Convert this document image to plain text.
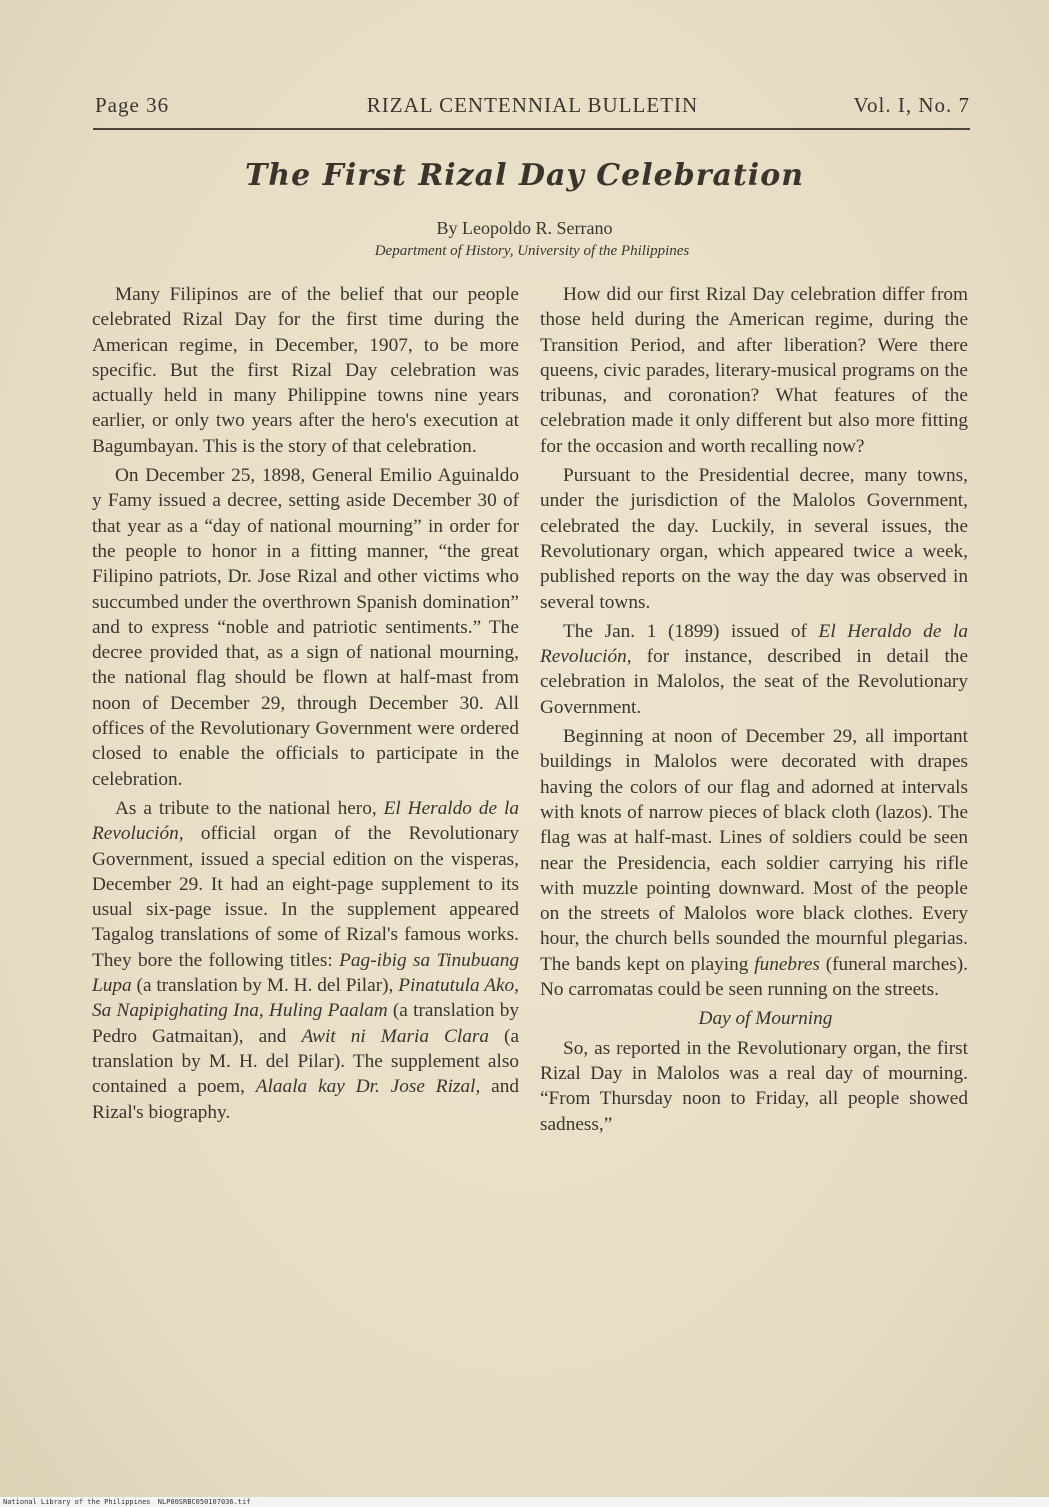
Page 36	RIZAL CENTENNIAL BULLETIN	Vol. I, No. 7
The First Rizal Day Celebration
By Leopoldo R. Serrano
Department of History, University of the Philippines

Many Filipinos are of the belief that our people celebrated Rizal Day for the first time during the American regime, in December, 1907, to be more specific. But the first Rizal Day celebration was actually held in many Philippine towns nine years earlier, or only two years after the hero's execution at Bagumbayan. This is the story of that celebration.

On December 25, 1898, General Emilio Aguinaldo y Famy issued a decree, setting aside December 30 of that year as a “day of national mourning” in order for the people to honor in a fitting manner, “the great Filipino patriots, Dr. Jose Rizal and other victims who succumbed under the overthrown Spanish domination” and to express “noble and patriotic sentiments.” The decree provided that, as a sign of national mourning, the national flag should be flown at half-mast from noon of December 29, through December 30. All offices of the Revolutionary Government were ordered closed to enable the officials to participate in the celebration.

As a tribute to the national hero, El Heraldo de la Revolución, official organ of the Revolutionary Government, issued a special edition on the visperas, December 29. It had an eight-page supplement to its usual six-page issue. In the supplement appeared Tagalog translations of some of Rizal's famous works. They bore the following titles: Pag-ibig sa Tinubuang Lupa (a translation by M. H. del Pilar), Pinatutula Ako, Sa Napipighating Ina, Huling Paalam (a translation by Pedro Gatmaitan), and Awit ni Maria Clara (a translation by M. H. del Pilar). The supplement also contained a poem, Alaala kay Dr. Jose Rizal, and Rizal's biography.

How did our first Rizal Day celebration differ from those held during the American regime, during the Transition Period, and after liberation? Were there queens, civic parades, literary-musical programs on the tribunas, and coronation? What features of the celebration made it only different but also more fitting for the occasion and worth recalling now?

Pursuant to the Presidential decree, many towns, under the jurisdiction of the Malolos Government, celebrated the day. Luckily, in several issues, the Revolutionary organ, which appeared twice a week, published reports on the way the day was observed in several towns.

The Jan. 1 (1899) issued of El Heraldo de la Revolución, for instance, described in detail the celebration in Malolos, the seat of the Revolutionary Government.

Beginning at noon of December 29, all important buildings in Malolos were decorated with drapes having the colors of our flag and adorned at intervals with knots of narrow pieces of black cloth (lazos). The flag was at half-mast. Lines of soldiers could be seen near the Presidencia, each soldier carrying his rifle with muzzle pointing downward. Most of the people on the streets of Malolos wore black clothes. Every hour, the church bells sounded the mournful plegarias. The bands kept on playing funebres (funeral marches). No carromatas could be seen running on the streets.

Day of Mourning

So, as reported in the Revolutionary organ, the first Rizal Day in Malolos was a real day of mourning. “From Thursday noon to Friday, all people showed sadness,”

National Library of the Philippines NLP00SRBC050107036.tif
